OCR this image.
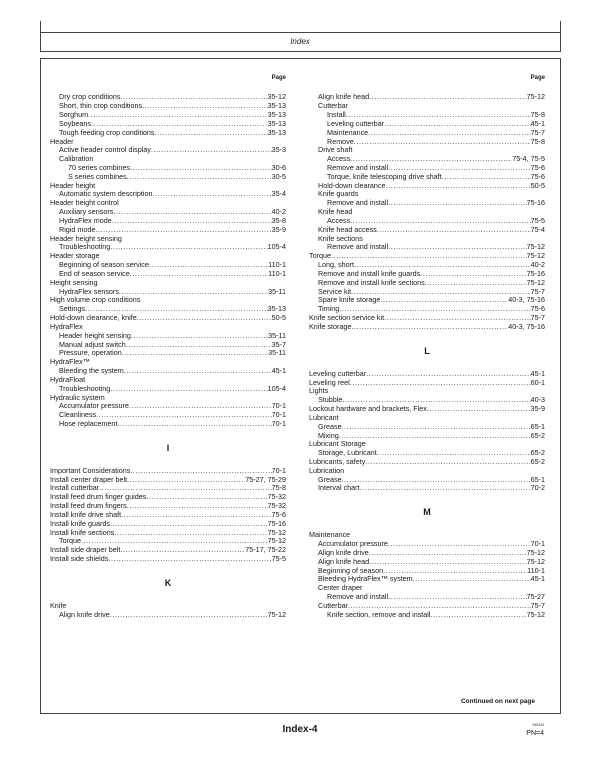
Index
Page
Dry crop conditions .....	35-12
Short, thin crop conditions .....	35-13
Sorghum .....	35-13
Soybeans .....	35-13
Tough feeding crop conditions .....	35-13
Header
Active header control display .....	35-3
Calibration
70 series combines .....	30-6
S series combines .....	30-5
Header height
Automatic system description .....	35-4
Header height control
Auxiliary sensors .....	40-2
HydraFlex mode .....	35-8
Rigid mode .....	35-9
Header height sensing
Troubleshooting .....	105-4
Header storage
Beginning of season service .....	110-1
End of season service .....	110-1
Height sensing
HydraFlex sensors .....	35-11
High volume crop conditions
Settings .....	35-13
Hold-down clearance, knife .....	50-5
HydraFlex
Header height sensing .....	35-11
Manual adjust switch .....	35-7
Pressure, operation .....	35-11
HydraFlex™
Bleeding the system .....	45-1
HydraFloat
Troubleshooting .....	105-4
Hydraulic system
Accumulator pressure .....	70-1
Cleanliness .....	70-1
Hose replacement .....	70-1
I
Important Considerations .....	70-1
Install center draper belt .....	75-27, 75-29
Install cutterbar .....	75-8
Install feed drum finger guides .....	75-32
Install feed drum fingers .....	75-32
Install knife drive shaft .....	75-6
Install knife guards .....	75-16
Install knife sections .....	75-12
Torque .....	75-12
Install side draper belt .....	75-17, 75-22
Install side shields .....	75-5
K
Knife
Align knife drive .....	75-12
Page
Align knife head .....	75-12
Cutterbar
Install .....	75-8
Leveling cutterbar .....	45-1
Maintenance .....	75-7
Remove .....	75-8
Drive shaft
Access .....	75-4, 75-5
Remove and install .....	75-6
Torque, knife telescoping drive shaft .....	75-6
Hold-down clearance .....	50-5
Knife guards
Remove and install .....	75-16
Knife head
Access .....	75-5
Knife head access .....	75-4
Knife sections
Remove and install .....	75-12
Torque .....	75-12
Long, short .....	40-2
Remove and install knife guards .....	75-16
Remove and install knife sections .....	75-12
Service kit .....	75-7
Spare knife storage .....	40-3, 75-16
Timing .....	75-6
Knife section service kit .....	75-7
Knife storage .....	40-3, 75-16
L
Leveling cutterbar .....	45-1
Leveling reel .....	60-1
Lights
Stubble .....	40-3
Lockout hardware and brackets, Flex .....	35-9
Lubricant
Grease .....	65-1
Mixing .....	65-2
Lubricant Storage
Storage, Lubricant .....	65-2
Lubricants, safety .....	65-2
Lubrication
Grease .....	65-1
Interval chart .....	70-2
M
Maintenance
Accumulator pressure .....	70-1
Align knife drive .....	75-12
Align knife head .....	75-12
Beginning of season .....	110-1
Bleeding HydraFlex™ system .....	45-1
Center draper
Remove and install .....	75-27
Cutterbar .....	75-7
Knife section, remove and install .....	75-12
Continued on next page
Index-4	040124
PN=4
